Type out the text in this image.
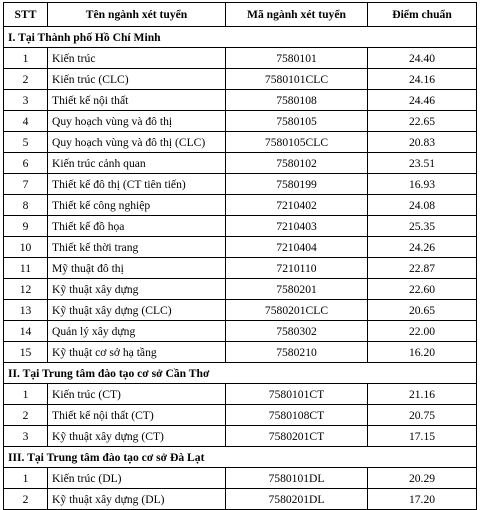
STT	Tên ngành xét tuyển	Mã ngành xét tuyển	Điểm chuẩn
I. Tại Thành phố Hồ Chí Minh			
1	Kiến trúc	7580101	24.40
2	Kiến trúc (CLC)	7580101CLC	24.16
3	Thiết kế nội thất	7580108	24.46
4	Quy hoạch vùng và đô thị	7580105	22.65
5	Quy hoạch vùng và đô thị (CLC)	7580105CLC	20.83
6	Kiến trúc cảnh quan	7580102	23.51
7	Thiết kế đô thị (CT tiên tiến)	7580199	16.93
8	Thiết kế công nghiệp	7210402	24.08
9	Thiết kế đồ họa	7210403	25.35
10	Thiết kế thời trang	7210404	24.26
11	Mỹ thuật đô thị	7210110	22.87
12	Kỹ thuật xây dựng	7580201	22.60
13	Kỹ thuật xây dựng (CLC)	7580201CLC	20.65
14	Quản lý xây dựng	7580302	22.00
15	Kỹ thuật cơ sở hạ tầng	7580210	16.20
II. Tại Trung tâm đào tạo cơ sở Cần Thơ			
1	Kiến trúc (CT)	7580101CT	21.16
2	Thiết kế nội thất (CT)	7580108CT	20.75
3	Kỹ thuật xây dựng (CT)	7580201CT	17.15
III. Tại Trung tâm đào tạo cơ sở Đà Lạt			
1	Kiến trúc (DL)	7580101DL	20.29
2	Kỹ thuật xây dựng (DL)	7580201DL	17.20
